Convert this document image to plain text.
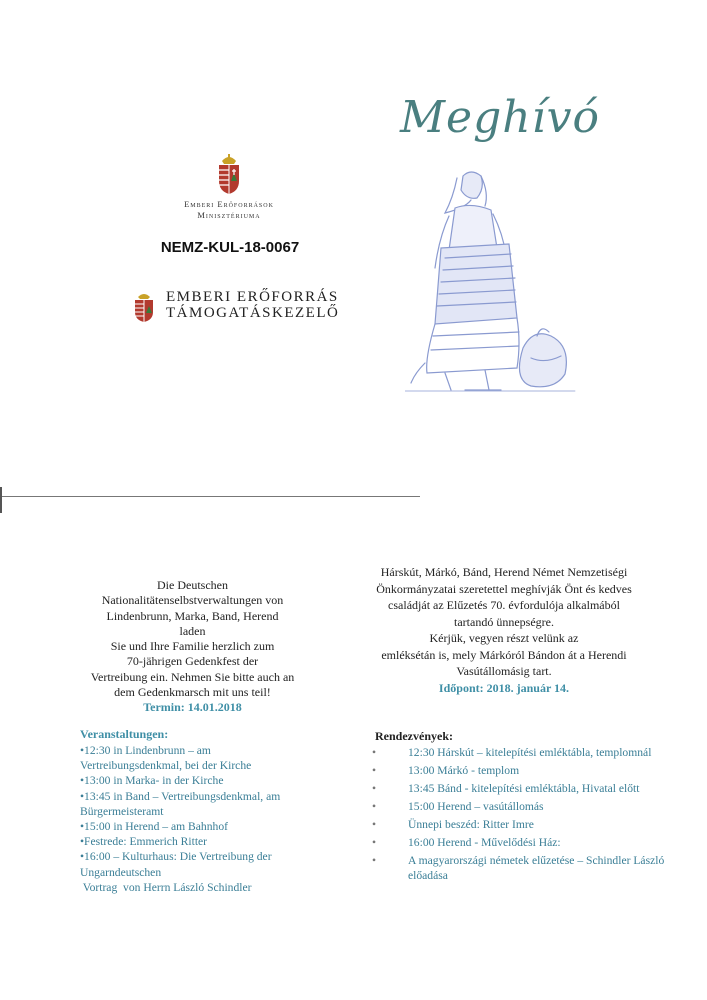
Emberi Erőforrások
Minisztériuma
NEMZ-KUL-18-0067
EMBERI ERŐFORRÁS
TÁMOGATÁSKEZELŐ
Meghívó
Die Deutschen
Nationalitätenselbstverwaltungen von
Lindenbrunn, Marka, Band, Herend
laden
Sie und Ihre Familie herzlich zum
70-jährigen Gedenkfest der
Vertreibung ein. Nehmen Sie bitte auch an
dem Gedenkmarsch mit uns teil!
Termin: 14.01.2018
Veranstaltungen:
•12:30 in Lindenbrunn – am
Vertreibungsdenkmal, bei der Kirche
•13:00 in Marka- in der Kirche
•13:45 in Band – Vertreibungsdenkmal, am
Bürgermeisteramt
•15:00 in Herend – am Bahnhof
•Festrede: Emmerich Ritter
•16:00 – Kulturhaus: Die Vertreibung der
Ungarndeutschen
Vortrag  von Herrn László Schindler
Hárskút, Márkó, Bánd, Herend Német Nemzetiségi
Önkormányzatai szeretettel meghívják Önt és kedves
családját az Elűzetés 70. évfordulója alkalmából
tartandó ünnepségre.
Kérjük, vegyen részt velünk az
emléksétán is, mely Márkóról Bándon át a Herendi
Vasútállomásig tart.
Időpont: 2018. január 14.
Rendezvények:
•	12:30 Hárskút – kitelepítési emléktábla, templomnál
•	13:00 Márkó - templom
•	13:45 Bánd - kitelepítési emléktábla, Hivatal előtt
•	15:00 Herend – vasútállomás
•	Ünnepi beszéd: Ritter Imre
•	16:00 Herend - Művelődési Ház:
•	A magyarországi németek elűzetése – Schindler László előadása
